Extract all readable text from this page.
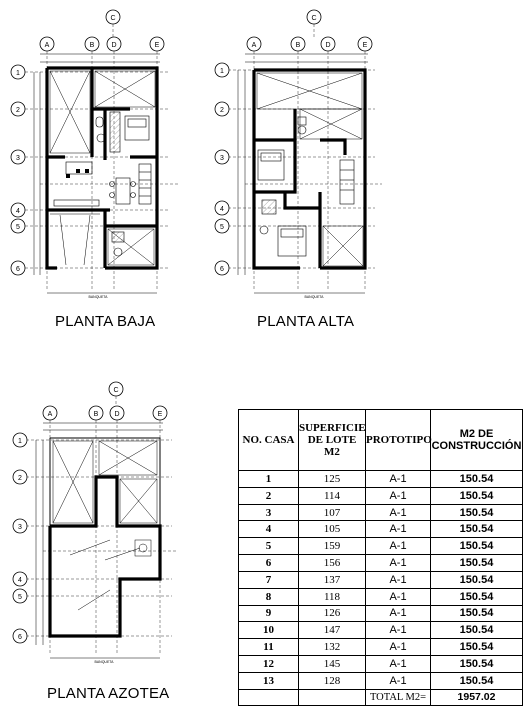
C
A	B D	E
1
2
3
4
5
6
BANQUETA
C
A	B	D	E
1
2
3
4
5
6
BANQUETA
C
A	B D	E
1
2
3
4
5
6
BANQUETA
PLANTA BAJA	PLANTA ALTA
PLANTA AZOTEA
NO. CASA	SUPERFICIE DE LOTE M2	PROTOTIPO	M2 DE CONSTRUCCIÓN
1	125	A-1	150.54
2	114	A-1	150.54
3	107	A-1	150.54
4	105	A-1	150.54
5	159	A-1	150.54
6	156	A-1	150.54
7	137	A-1	150.54
8	118	A-1	150.54
9	126	A-1	150.54
10	147	A-1	150.54
11	132	A-1	150.54
12	145	A-1	150.54
13	128	A-1	150.54
		TOTAL M2=	1957.02
